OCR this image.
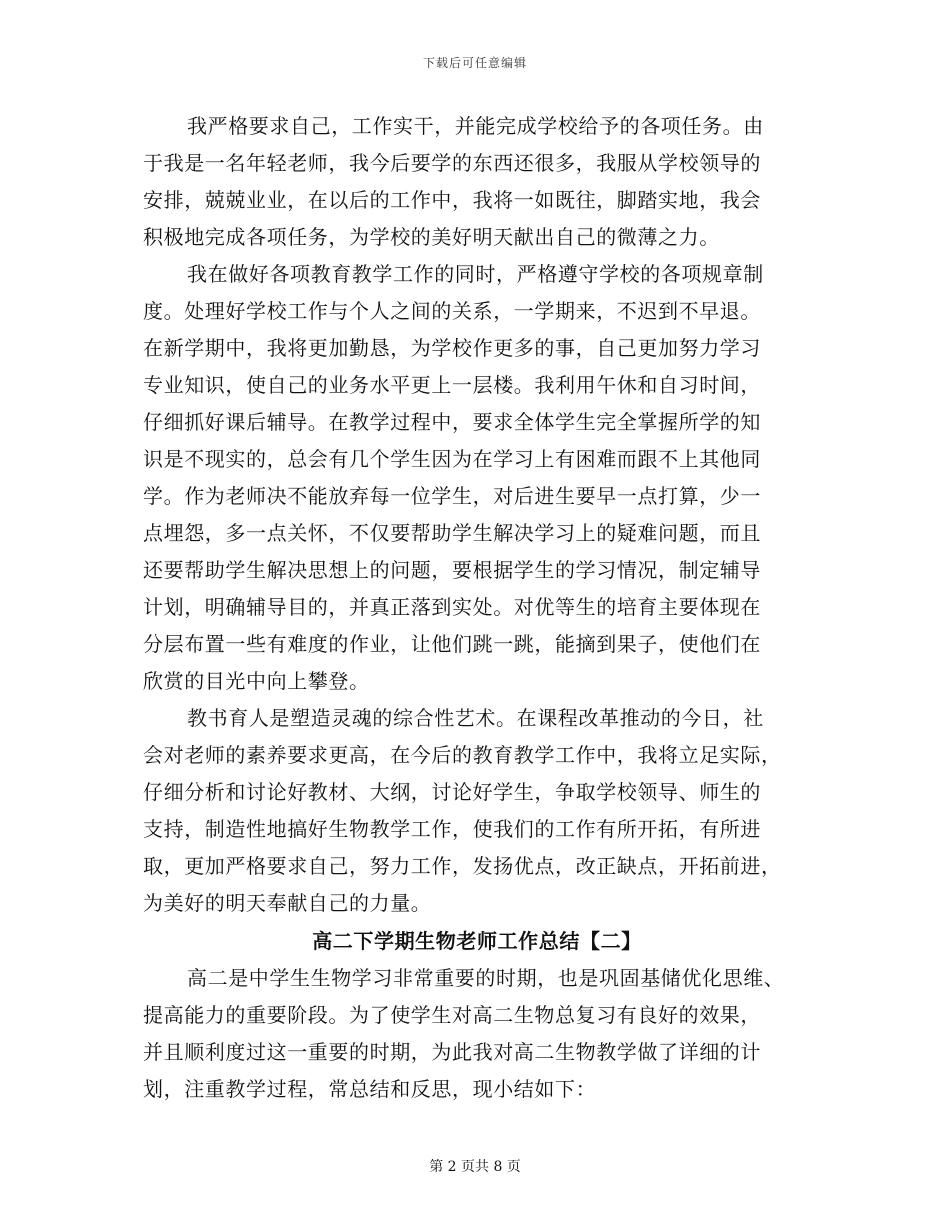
下载后可任意编辑
我严格要求自己，工作实干，并能完成学校给予的各项任务。由
于我是一名年轻老师，我今后要学的东西还很多，我服从学校领导的
安排，兢兢业业，在以后的工作中，我将一如既往，脚踏实地，我会
积极地完成各项任务，为学校的美好明天献出自己的微薄之力。
我在做好各项教育教学工作的同时，严格遵守学校的各项规章制
度。处理好学校工作与个人之间的关系，一学期来，不迟到不早退。
在新学期中，我将更加勤恳，为学校作更多的事，自己更加努力学习
专业知识，使自己的业务水平更上一层楼。我利用午休和自习时间，
仔细抓好课后辅导。在教学过程中，要求全体学生完全掌握所学的知
识是不现实的，总会有几个学生因为在学习上有困难而跟不上其他同
学。作为老师决不能放弃每一位学生，对后进生要早一点打算，少一
点埋怨，多一点关怀，不仅要帮助学生解决学习上的疑难问题，而且
还要帮助学生解决思想上的问题，要根据学生的学习情况，制定辅导
计划，明确辅导目的，并真正落到实处。对优等生的培育主要体现在
分层布置一些有难度的作业，让他们跳一跳，能摘到果子，使他们在
欣赏的目光中向上攀登。
教书育人是塑造灵魂的综合性艺术。在课程改革推动的今日，社
会对老师的素养要求更高，在今后的教育教学工作中，我将立足实际，
仔细分析和讨论好教材、大纲，讨论好学生，争取学校领导、师生的
支持，制造性地搞好生物教学工作，使我们的工作有所开拓，有所进
取，更加严格要求自己，努力工作，发扬优点，改正缺点，开拓前进，
为美好的明天奉献自己的力量。
高二下学期生物老师工作总结【二】
高二是中学生生物学习非常重要的时期，也是巩固基储优化思维、
提高能力的重要阶段。为了使学生对高二生物总复习有良好的效果，
并且顺利度过这一重要的时期，为此我对高二生物教学做了详细的计
划，注重教学过程，常总结和反思，现小结如下：
第 2 页共 8 页
